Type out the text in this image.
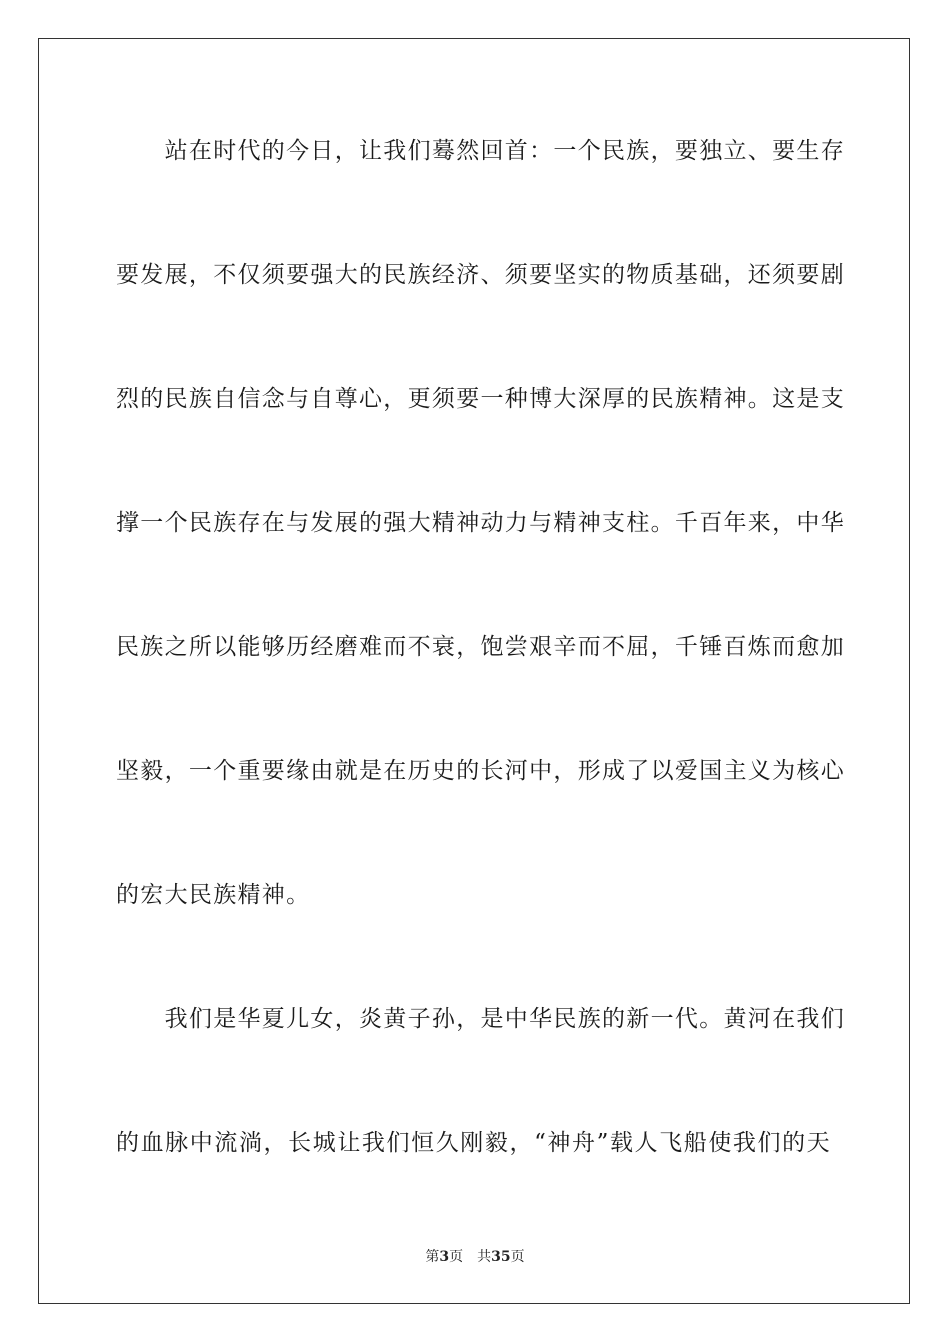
　　站在时代的今日，让我们蓦然回首：一个民族，要独立、要生存
要发展，不仅须要强大的民族经济、须要坚实的物质基础，还须要剧
烈的民族自信念与自尊心，更须要一种博大深厚的民族精神。这是支
撑一个民族存在与发展的强大精神动力与精神支柱。千百年来，中华
民族之所以能够历经磨难而不衰，饱尝艰辛而不屈，千锤百炼而愈加
坚毅，一个重要缘由就是在历史的长河中，形成了以爱国主义为核心
的宏大民族精神。
　　我们是华夏儿女，炎黄子孙，是中华民族的新一代。黄河在我们
的血脉中流淌，长城让我们恒久刚毅，“神舟”载人飞船使我们的天
第3页 共35页
